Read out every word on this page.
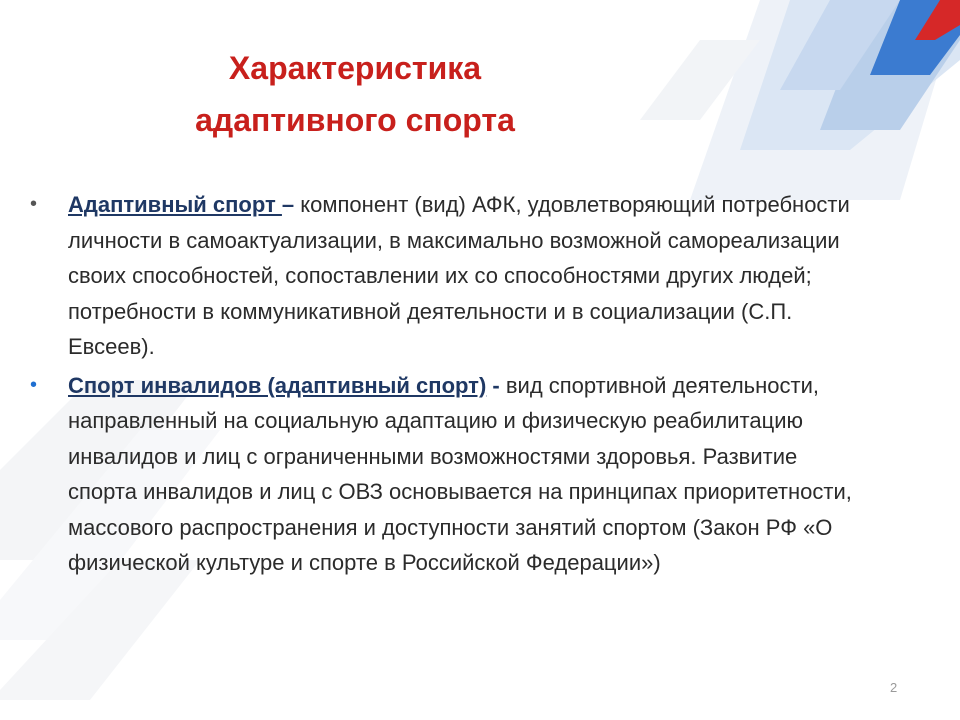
Характеристика
адаптивного спорта
• Адаптивный спорт – компонент (вид) АФК, удовлетворяющий потребности личности в самоактуализации, в максимально возможной самореализации своих способностей, сопоставлении их со способностями других людей; потребности в коммуникативной деятельности и в социализации (С.П. Евсеев).
• Спорт инвалидов (адаптивный спорт) - вид спортивной деятельности, направленный на социальную адаптацию и физическую реабилитацию инвалидов и лиц с ограниченными возможностями здоровья. Развитие спорта инвалидов и лиц с ОВЗ основывается на принципах приоритетности, массового распространения и доступности занятий спортом (Закон РФ «О физической культуре и спорте в Российской Федерации»)
2
